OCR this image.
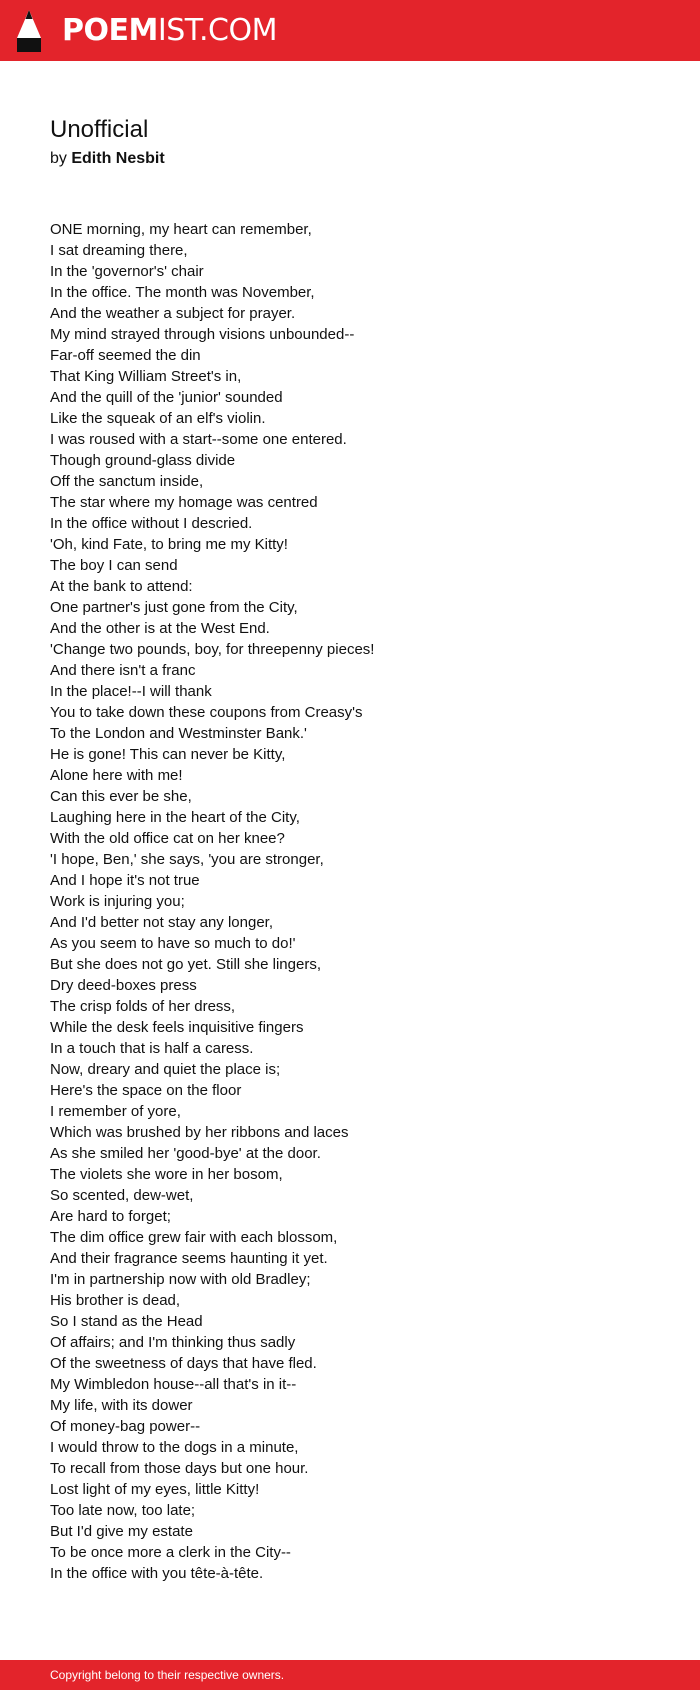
POEMIST.COM
Unofficial
by Edith Nesbit
ONE morning, my heart can remember,
I sat dreaming there,
In the 'governor's' chair
In the office. The month was November,
And the weather a subject for prayer.
My mind strayed through visions unbounded--
Far-off seemed the din
That King William Street's in,
And the quill of the 'junior' sounded
Like the squeak of an elf's violin.
I was roused with a start--some one entered.
Though ground-glass divide
Off the sanctum inside,
The star where my homage was centred
In the office without I descried.
'Oh, kind Fate, to bring me my Kitty!
The boy I can send
At the bank to attend:
One partner's just gone from the City,
And the other is at the West End.
'Change two pounds, boy, for threepenny pieces!
And there isn't a franc
In the place!--I will thank
You to take down these coupons from Creasy's
To the London and Westminster Bank.'
He is gone! This can never be Kitty,
Alone here with me!
Can this ever be she,
Laughing here in the heart of the City,
With the old office cat on her knee?
'I hope, Ben,' she says, 'you are stronger,
And I hope it's not true
Work is injuring you;
And I'd better not stay any longer,
As you seem to have so much to do!'
But she does not go yet. Still she lingers,
Dry deed-boxes press
The crisp folds of her dress,
While the desk feels inquisitive fingers
In a touch that is half a caress.
Now, dreary and quiet the place is;
Here's the space on the floor
I remember of yore,
Which was brushed by her ribbons and laces
As she smiled her 'good-bye' at the door.
The violets she wore in her bosom,
So scented, dew-wet,
Are hard to forget;
The dim office grew fair with each blossom,
And their fragrance seems haunting it yet.
I'm in partnership now with old Bradley;
His brother is dead,
So I stand as the Head
Of affairs; and I'm thinking thus sadly
Of the sweetness of days that have fled.
My Wimbledon house--all that's in it--
My life, with its dower
Of money-bag power--
I would throw to the dogs in a minute,
To recall from those days but one hour.
Lost light of my eyes, little Kitty!
Too late now, too late;
But I'd give my estate
To be once more a clerk in the City--
In the office with you tête-à-tête.
Copyright belong to their respective owners.
